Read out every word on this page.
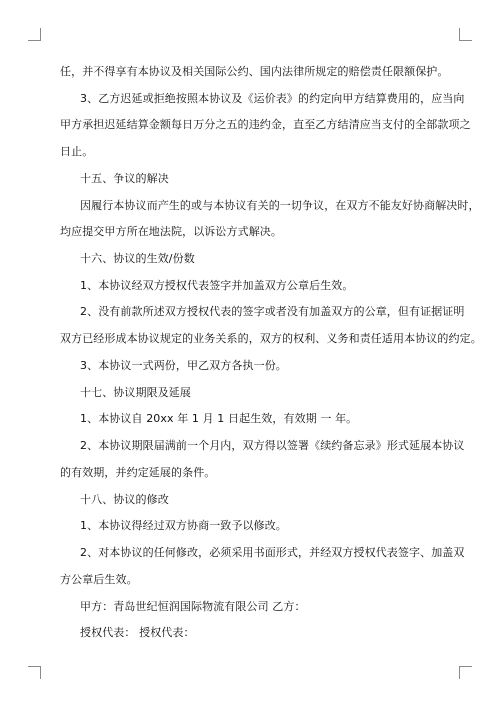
任，并不得享有本协议及相关国际公约、国内法律所规定的赔偿责任限额保护。
3、乙方迟延或拒绝按照本协议及《运价表》的约定向甲方结算费用的，应当向
甲方承担迟延结算金额每日万分之五的违约金，直至乙方结清应当支付的全部款项之
日止。
十五、争议的解决
因履行本协议而产生的或与本协议有关的一切争议，在双方不能友好协商解决时，
均应提交甲方所在地法院，以诉讼方式解决。
十六、协议的生效/份数
1、本协议经双方授权代表签字并加盖双方公章后生效。
2、没有前款所述双方授权代表的签字或者没有加盖双方的公章，但有证据证明
双方已经形成本协议规定的业务关系的，双方的权利、义务和责任适用本协议的约定。
3、本协议一式两份，甲乙双方各执一份。
十七、协议期限及延展
1、本协议自 20xx 年 1 月 1 日起生效，有效期 一 年。
2、本协议期限届满前一个月内，双方得以签署《续约备忘录》形式延展本协议
的有效期，并约定延展的条件。
十八、协议的修改
1、本协议得经过双方协商一致予以修改。
2、对本协议的任何修改，必须采用书面形式，并经双方授权代表签字、加盖双
方公章后生效。
甲方：青岛世纪恒润国际物流有限公司 乙方：
授权代表： 授权代表：
